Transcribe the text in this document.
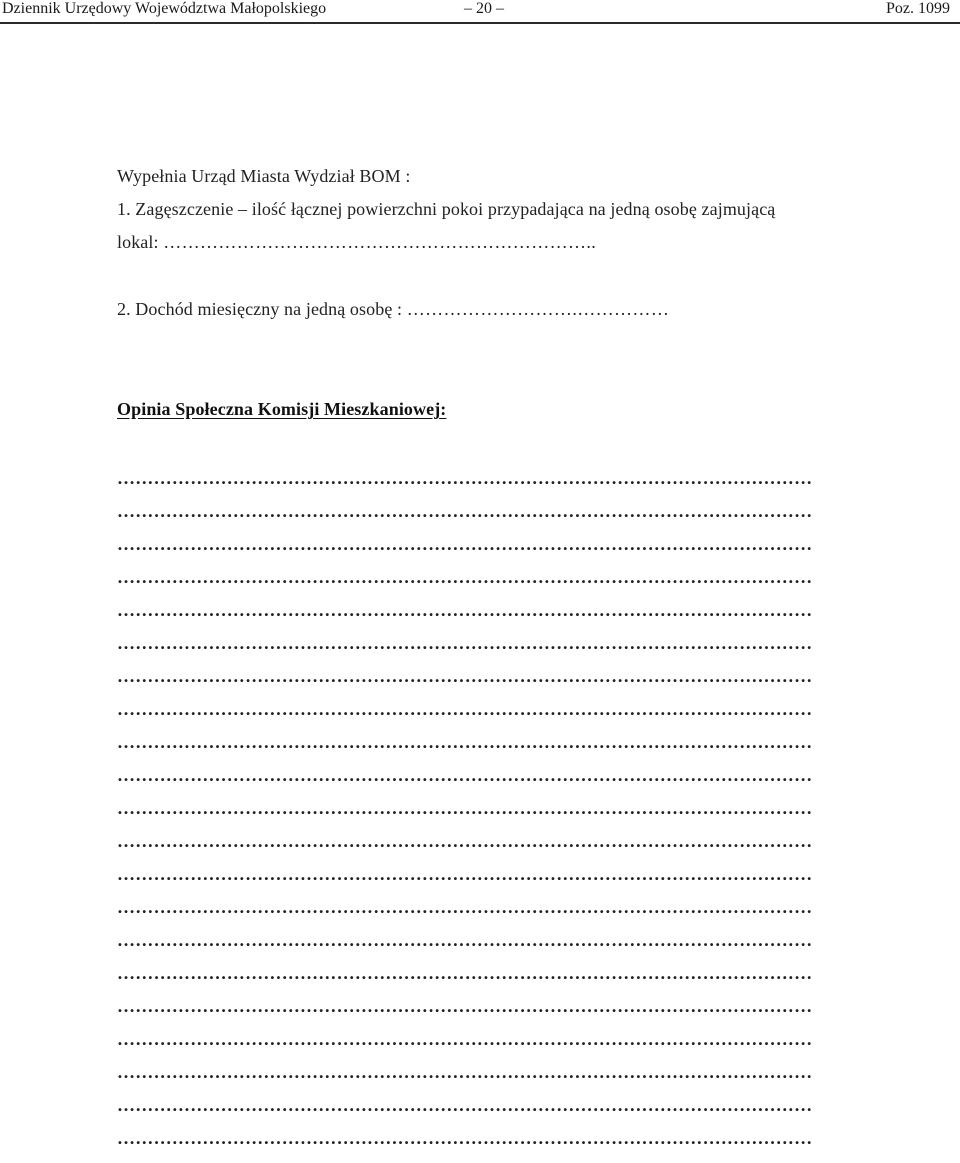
Dziennik Urzędowy Województwa Małopolskiego	– 20 –	Poz. 1099
Wypełnia Urząd Miasta Wydział BOM :
1. Zagęszczenie – ilość łącznej powierzchni pokoi przypadająca na jedną osobę zajmującą
lokal: ……………………………………………………………..
2. Dochód miesięczny na jedną osobę : ……………………….……………
Opinia Społeczna Komisji Mieszkaniowej:
……………………………………………………………………………………………………
……………………………………………………………………………………………………
……………………………………………………………………………………………………
……………………………………………………………………………………………………
……………………………………………………………………………………………………
……………………………………………………………………………………………………
……………………………………………………………………………………………………
……………………………………………………………………………………………………
……………………………………………………………………………………………………
……………………………………………………………………………………………………
……………………………………………………………………………………………………
……………………………………………………………………………………………………
……………………………………………………………………………………………………
……………………………………………………………………………………………………
……………………………………………………………………………………………………
……………………………………………………………………………………………………
……………………………………………………………………………………………………
……………………………………………………………………………………………………
……………………………………………………………………………………………………
……………………………………………………………………………………………………
……………………………………………………………………………………………………
